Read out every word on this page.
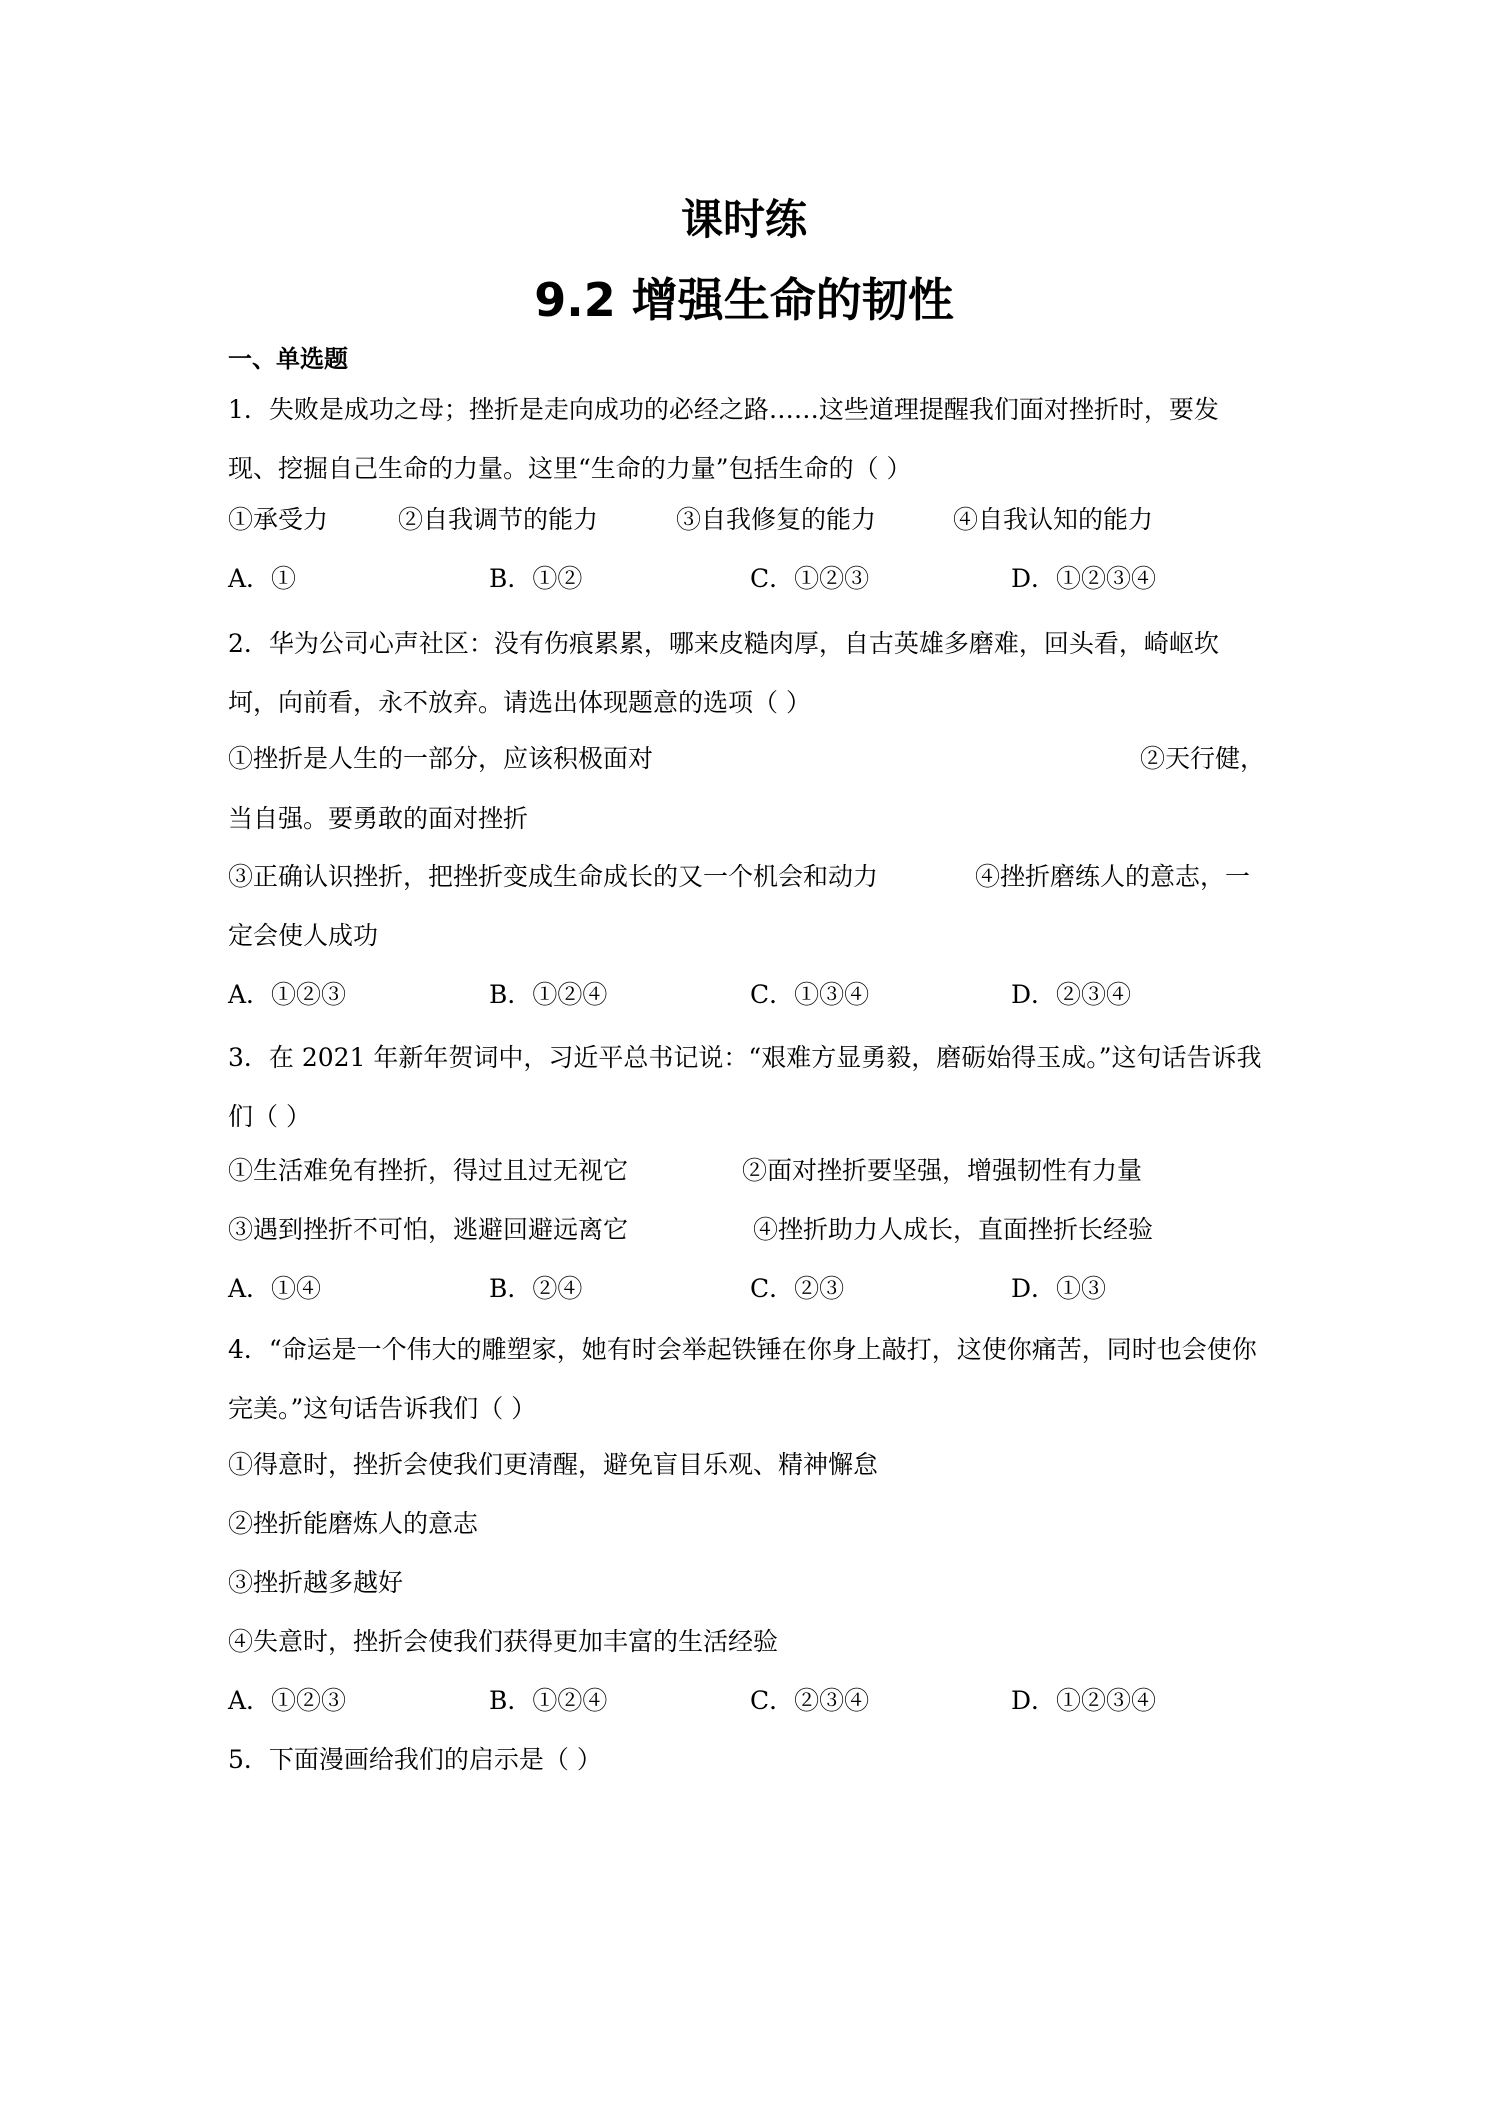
课时练
9.2 增强生命的韧性
一、单选题
1．失败是成功之母；挫折是走向成功的必经之路……这些道理提醒我们面对挫折时，要发现、挖掘自己生命的力量。这里“生命的力量”包括生命的（ ）
①承受力	②自我调节的能力	③自我修复的能力	④自我认知的能力
A．①	B．①②	C．①②③	D．①②③④
2．华为公司心声社区：没有伤痕累累，哪来皮糙肉厚，自古英雄多磨难，回头看，崎岖坎坷，向前看，永不放弃。请选出体现题意的选项（ ）
①挫折是人生的一部分，应该积极面对	②天行健，
当自强。要勇敢的面对挫折
③正确认识挫折，把挫折变成生命成长的又一个机会和动力	④挫折磨练人的意志，一
定会使人成功
A．①②③	B．①②④	C．①③④	D．②③④
3．在 2021 年新年贺词中，习近平总书记说：“艰难方显勇毅，磨砺始得玉成。”这句话告诉我们（ ）
①生活难免有挫折，得过且过无视它	②面对挫折要坚强，增强韧性有力量
③遇到挫折不可怕，逃避回避远离它	④挫折助力人成长，直面挫折长经验
A．①④	B．②④	C．②③	D．①③
4．“命运是一个伟大的雕塑家，她有时会举起铁锤在你身上敲打，这使你痛苦，同时也会使你完美。”这句话告诉我们（ ）
①得意时，挫折会使我们更清醒，避免盲目乐观、精神懈怠
②挫折能磨炼人的意志
③挫折越多越好
④失意时，挫折会使我们获得更加丰富的生活经验
A．①②③	B．①②④	C．②③④	D．①②③④
5．下面漫画给我们的启示是（ ）
